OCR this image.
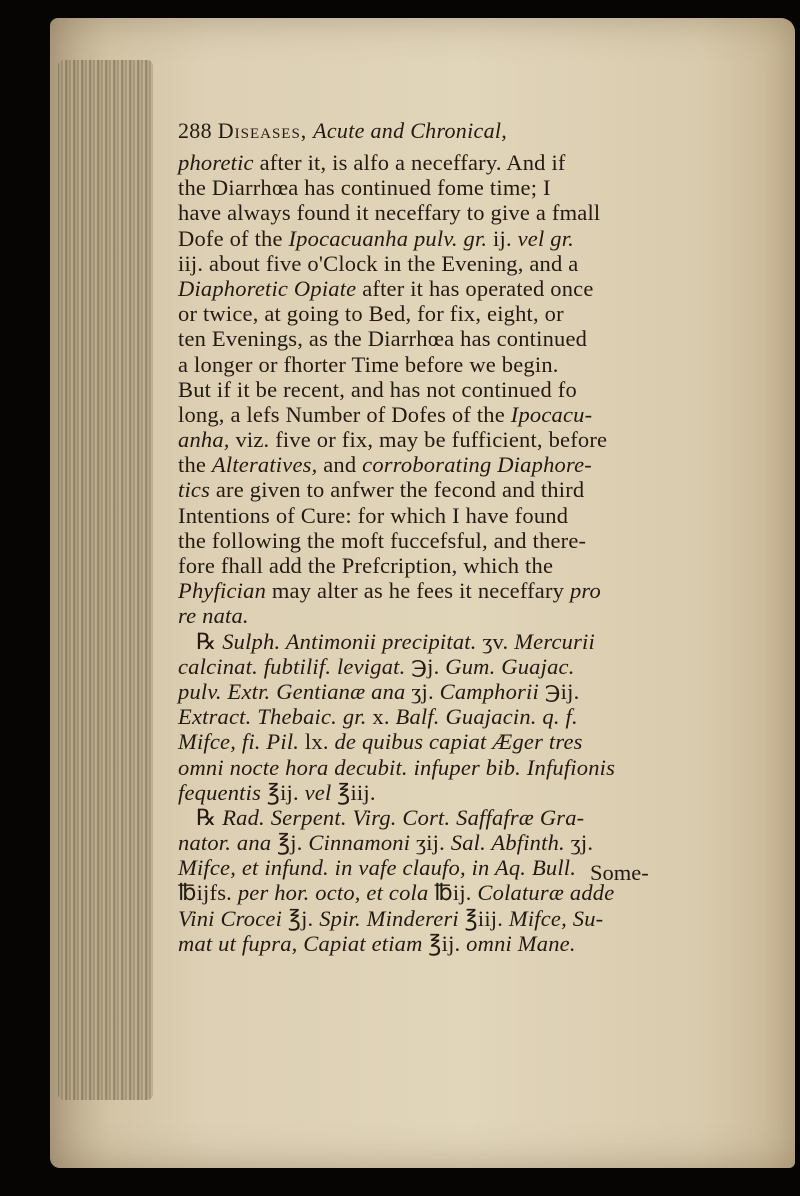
288 Diseases, Acute and Chronical,
phoretic after it, is alfo a neceffary. And if
the Diarrhœa has continued fome time; I
have always found it neceffary to give a fmall
Dofe of the Ipocacuanha pulv. gr. ij. vel gr.
iij. about five o'Clock in the Evening, and a
Diaphoretic Opiate after it has operated once
or twice, at going to Bed, for fix, eight, or
ten Evenings, as the Diarrhœa has continued
a longer or fhorter Time before we begin.
But if it be recent, and has not continued fo
long, a lefs Number of Dofes of the Ipocacu-
anha, viz. five or fix, may be fufficient, before
the Alteratives, and corroborating Diaphore-
tics are given to anfwer the fecond and third
Intentions of Cure: for which I have found
the following the moft fuccefsful, and there-
fore fhall add the Prefcription, which the
Phyfician may alter as he fees it neceffary pro
re nata.
℞ Sulph. Antimonii precipitat. ʒv. Mercurii
calcinat. fubtilif. levigat. ℈j. Gum. Guajac.
pulv. Extr. Gentianæ ana ʒj. Camphorii ℈ij.
Extract. Thebaic. gr. x. Balf. Guajacin. q. f.
Mifce, fi. Pil. lx. de quibus capiat Æger tres
omni nocte hora decubit. infuper bib. Infufionis
fequentis ℥ij. vel ℥iij.
℞ Rad. Serpent. Virg. Cort. Saffafræ Gra-
nator. ana ℥j. Cinnamoni ʒij. Sal. Abfinth. ʒj.
Mifce, et infund. in vafe claufo, in Aq. Bull.
℔ijfs. per hor. octo, et cola ℔ij. Colaturæ adde
Vini Crocei ℥j. Spir. Mindereri ℥iij. Mifce, Su-
mat ut fupra, Capiat etiam ℥ij. omni Mane.
Some-
